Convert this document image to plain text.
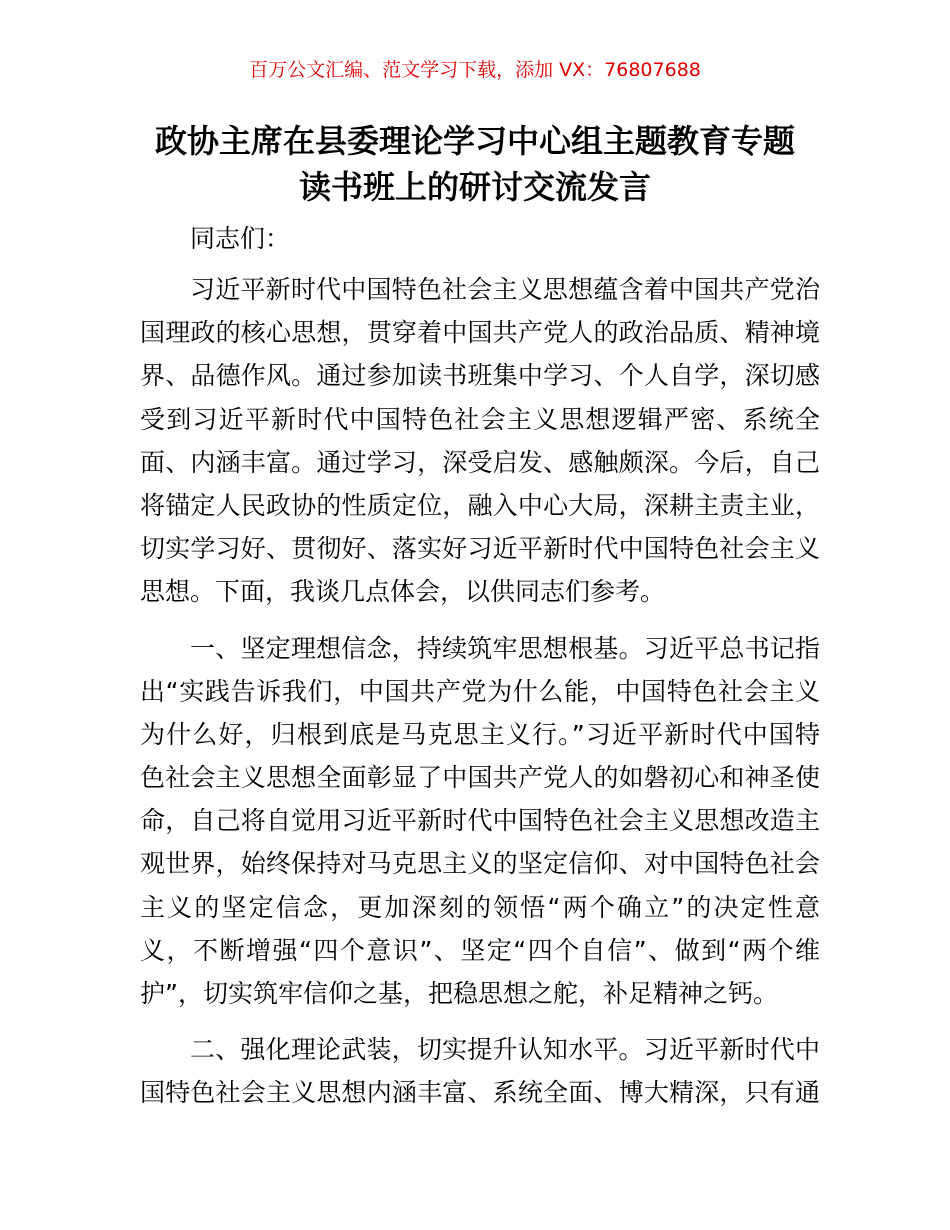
百万公文汇编、范文学习下载，添加 VX：76807688
政协主席在县委理论学习中心组主题教育专题
读书班上的研讨交流发言
同志们：
习近平新时代中国特色社会主义思想蕴含着中国共产党治
国理政的核心思想，贯穿着中国共产党人的政治品质、精神境
界、品德作风。通过参加读书班集中学习、个人自学，深切感
受到习近平新时代中国特色社会主义思想逻辑严密、系统全
面、内涵丰富。通过学习，深受启发、感触颇深。今后，自己
将锚定人民政协的性质定位，融入中心大局，深耕主责主业，
切实学习好、贯彻好、落实好习近平新时代中国特色社会主义
思想。下面，我谈几点体会，以供同志们参考。
一、坚定理想信念，持续筑牢思想根基。习近平总书记指
出“实践告诉我们，中国共产党为什么能，中国特色社会主义
为什么好，归根到底是马克思主义行。”习近平新时代中国特
色社会主义思想全面彰显了中国共产党人的如磐初心和神圣使
命，自己将自觉用习近平新时代中国特色社会主义思想改造主
观世界，始终保持对马克思主义的坚定信仰、对中国特色社会
主义的坚定信念，更加深刻的领悟“两个确立”的决定性意
义，不断增强“四个意识”、坚定“四个自信”、做到“两个维
护”，切实筑牢信仰之基，把稳思想之舵，补足精神之钙。
二、强化理论武装，切实提升认知水平。习近平新时代中
国特色社会主义思想内涵丰富、系统全面、博大精深，只有通
